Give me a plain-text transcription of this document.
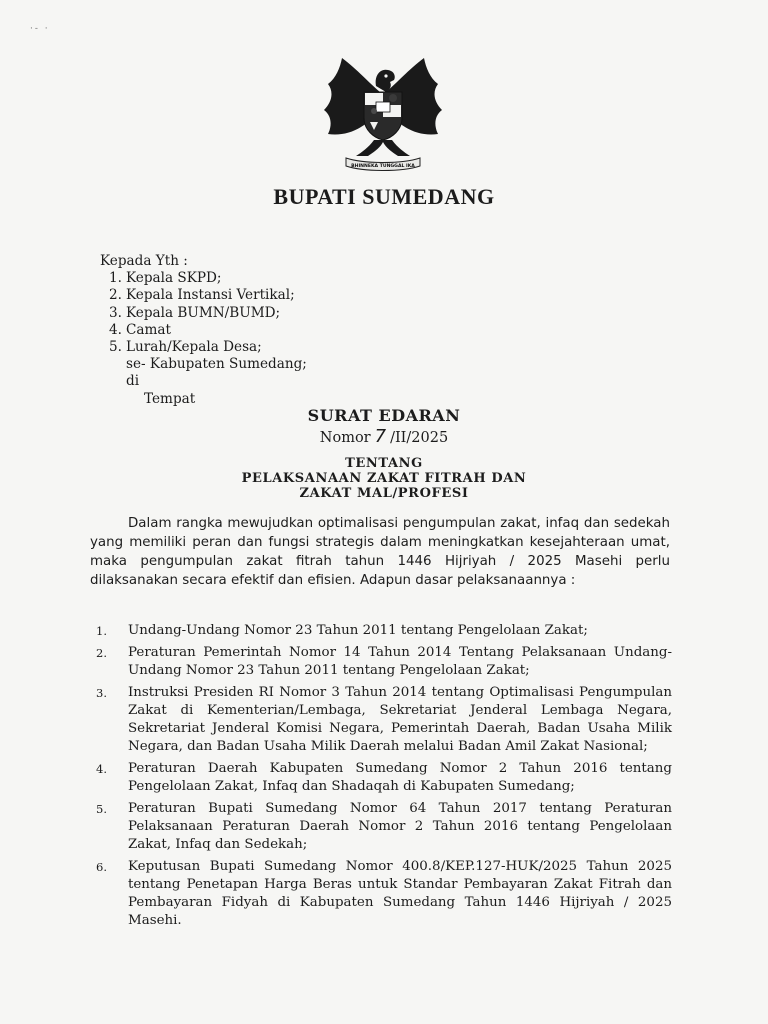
·- ·
BHINNEKA TUNGGAL IKA
BUPATI SUMEDANG
Kepada Yth :
1. Kepala SKPD;
2. Kepala Instansi Vertikal;
3. Kepala BUMN/BUMD;
4. Camat
5. Lurah/Kepala Desa;
se- Kabupaten Sumedang;
di
Tempat
SURAT EDARAN
Nomor 7 /II/2025
TENTANG
PELAKSANAAN ZAKAT FITRAH DAN
ZAKAT MAL/PROFESI
Dalam rangka mewujudkan optimalisasi pengumpulan zakat, infaq dan sedekah yang memiliki peran dan fungsi strategis dalam meningkatkan kesejahteraan umat, maka pengumpulan zakat fitrah tahun 1446 Hijriyah / 2025 Masehi perlu dilaksanakan secara efektif dan efisien. Adapun dasar pelaksanaannya :
1. Undang-Undang Nomor 23 Tahun 2011 tentang Pengelolaan Zakat;
2. Peraturan Pemerintah Nomor 14 Tahun 2014 Tentang Pelaksanaan Undang- Undang Nomor 23 Tahun 2011 tentang Pengelolaan Zakat;
3. Instruksi Presiden RI Nomor 3 Tahun 2014 tentang Optimalisasi Pengumpulan Zakat di Kementerian/Lembaga, Sekretariat Jenderal Lembaga Negara, Sekretariat Jenderal Komisi Negara, Pemerintah Daerah, Badan Usaha Milik Negara, dan Badan Usaha Milik Daerah melalui Badan Amil Zakat Nasional;
4. Peraturan Daerah Kabupaten Sumedang Nomor 2 Tahun 2016 tentang Pengelolaan Zakat, Infaq dan Shadaqah di Kabupaten Sumedang;
5. Peraturan Bupati Sumedang Nomor 64 Tahun 2017 tentang Peraturan Pelaksanaan Peraturan Daerah Nomor 2 Tahun 2016 tentang Pengelolaan Zakat, Infaq dan Sedekah;
6. Keputusan Bupati Sumedang Nomor 400.8/KEP.127-HUK/2025 Tahun 2025 tentang Penetapan Harga Beras untuk Standar Pembayaran Zakat Fitrah dan Pembayaran Fidyah di Kabupaten Sumedang Tahun 1446 Hijriyah / 2025 Masehi.
